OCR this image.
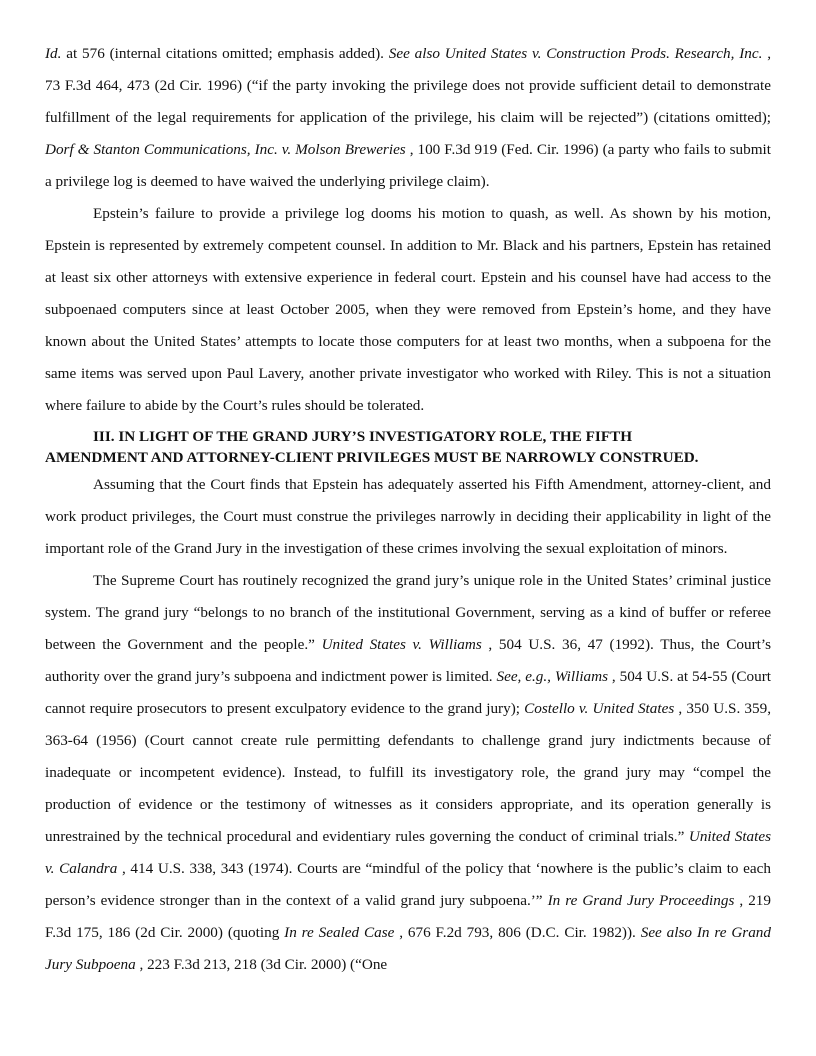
Id. at 576 (internal citations omitted; emphasis added). See also United States v. Construction Prods. Research, Inc. , 73 F.3d 464, 473 (2d Cir. 1996) (“if the party invoking the privilege does not provide sufficient detail to demonstrate fulfillment of the legal requirements for application of the privilege, his claim will be rejected”) (citations omitted); Dorf & Stanton Communications, Inc. v. Molson Breweries , 100 F.3d 919 (Fed. Cir. 1996) (a party who fails to submit a privilege log is deemed to have waived the underlying privilege claim).

Epstein’s failure to provide a privilege log dooms his motion to quash, as well. As shown by his motion, Epstein is represented by extremely competent counsel. In addition to Mr. Black and his partners, Epstein has retained at least six other attorneys with extensive experience in federal court. Epstein and his counsel have had access to the subpoenaed computers since at least October 2005, when they were removed from Epstein’s home, and they have known about the United States’ attempts to locate those computers for at least two months, when a subpoena for the same items was served upon Paul Lavery, another private investigator who worked with Riley. This is not a situation where failure to abide by the Court’s rules should be tolerated.

III. IN LIGHT OF THE GRAND JURY’S INVESTIGATORY ROLE, THE FIFTH
AMENDMENT AND ATTORNEY-CLIENT PRIVILEGES MUST BE NARROWLY CONSTRUED.

Assuming that the Court finds that Epstein has adequately asserted his Fifth Amendment, attorney-client, and work product privileges, the Court must construe the privileges narrowly in deciding their applicability in light of the important role of the Grand Jury in the investigation of these crimes involving the sexual exploitation of minors.

The Supreme Court has routinely recognized the grand jury’s unique role in the United States’ criminal justice system. The grand jury “belongs to no branch of the institutional Government, serving as a kind of buffer or referee between the Government and the people.” United States v. Williams , 504 U.S. 36, 47 (1992). Thus, the Court’s authority over the grand jury’s subpoena and indictment power is limited. See, e.g., Williams , 504 U.S. at 54-55 (Court cannot require prosecutors to present exculpatory evidence to the grand jury); Costello v. United States , 350 U.S. 359, 363-64 (1956) (Court cannot create rule permitting defendants to challenge grand jury indictments because of inadequate or incompetent evidence). Instead, to fulfill its investigatory role, the grand jury may “compel the production of evidence or the testimony of witnesses as it considers appropriate, and its operation generally is unrestrained by the technical procedural and evidentiary rules governing the conduct of criminal trials.” United States v. Calandra , 414 U.S. 338, 343 (1974). Courts are “mindful of the policy that ‘nowhere is the public’s claim to each person’s evidence stronger than in the context of a valid grand jury subpoena.’” In re Grand Jury Proceedings , 219 F.3d 175, 186 (2d Cir. 2000) (quoting In re Sealed Case , 676 F.2d 793, 806 (D.C. Cir. 1982)). See also In re Grand Jury Subpoena , 223 F.3d 213, 218 (3d Cir. 2000) (“One
